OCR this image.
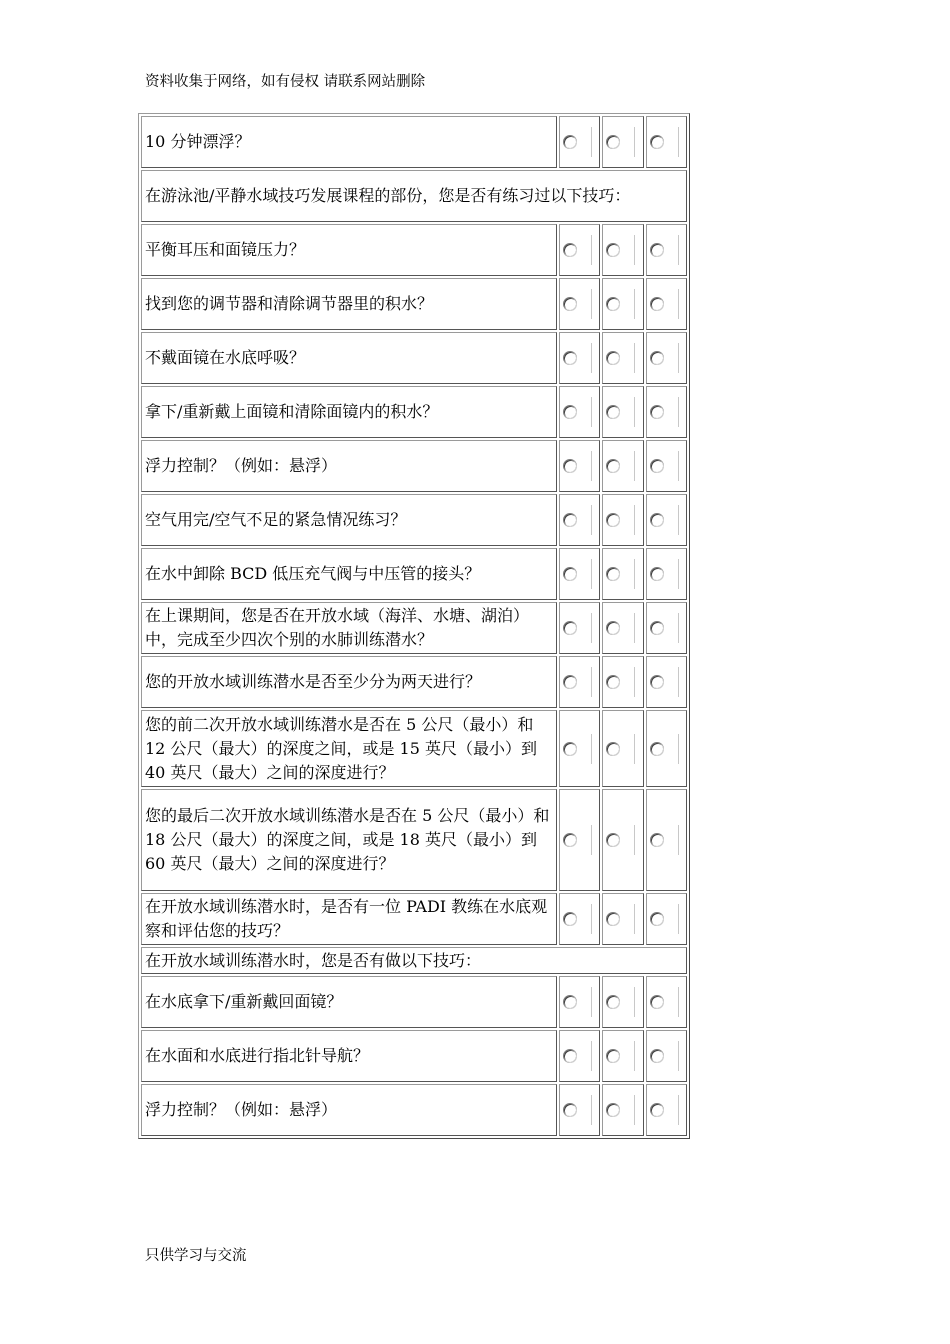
资料收集于网络，如有侵权 请联系网站删除
10 分钟漂浮？			
在游泳池/平静水域技巧发展课程的部份，您是否有练习过以下技巧：			
平衡耳压和面镜压力？			
找到您的调节器和清除调节器里的积水？			
不戴面镜在水底呼吸？			
拿下/重新戴上面镜和清除面镜内的积水？			
浮力控制？（例如：悬浮）			
空气用完/空气不足的紧急情况练习？			
在水中卸除 BCD 低压充气阀与中压管的接头？			
在上课期间，您是否在开放水域（海洋、水塘、湖泊）中，完成至少四次个别的水肺训练潜水？			
您的开放水域训练潜水是否至少分为两天进行？			
您的前二次开放水域训练潜水是否在 5 公尺（最小）和 12 公尺（最大）的深度之间，或是 15 英尺（最小）到 40 英尺（最大）之间的深度进行？			
您的最后二次开放水域训练潜水是否在 5 公尺（最小）和 18 公尺（最大）的深度之间，或是 18 英尺（最小）到 60 英尺（最大）之间的深度进行？			
在开放水域训练潜水时，是否有一位 PADI 教练在水底观察和评估您的技巧？			
在开放水域训练潜水时，您是否有做以下技巧：			
在水底拿下/重新戴回面镜？			
在水面和水底进行指北针导航？			
浮力控制？（例如：悬浮）			
只供学习与交流
